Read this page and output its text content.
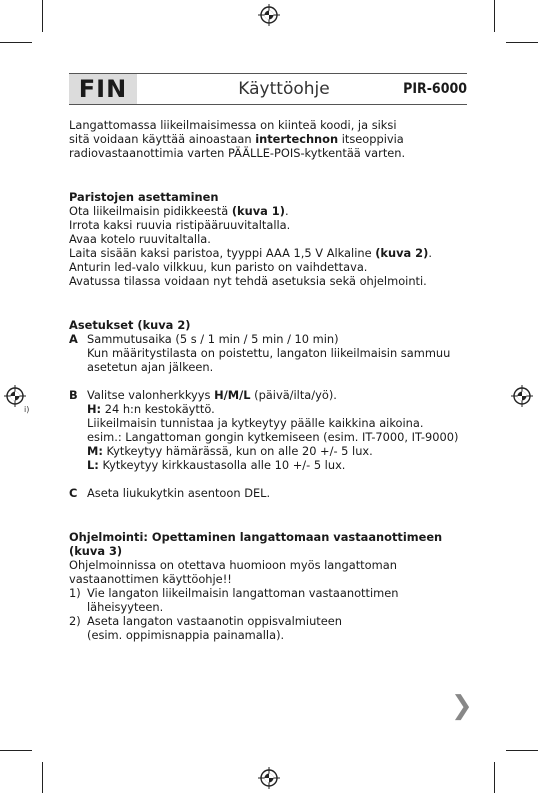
i)
FIN	Käyttöohje	PIR-6000

Langattomassa liikeilmaisimessa on kiinteä koodi, ja siksi

sitä voidaan käyttää ainoastaan intertechnon itseoppivia

radiovastaanottimia varten PÄÄLLE-POIS-kytkentää varten.

Paristojen asettaminen

Ota liikeilmaisin pidikkeestä (kuva 1).

Irrota kaksi ruuvia ristipääruuvitaltalla.

Avaa kotelo ruuvitaltalla.

Laita sisään kaksi paristoa, tyyppi AAA 1,5 V Alkaline (kuva 2).

Anturin led-valo vilkkuu, kun paristo on vaihdettava.

Avatussa tilassa voidaan nyt tehdä asetuksia sekä ohjelmointi.

Asetukset (kuva 2)

A Sammutusaika (5 s / 1 min / 5 min / 10 min)

Kun määritystilasta on poistettu, langaton liikeilmaisin sammuu

asetetun ajan jälkeen.

B Valitse valonherkkyys H/M/L (päivä/ilta/yö).

H: 24 h:n kestokäyttö.

Liikeilmaisin tunnistaa ja kytkeytyy päälle kaikkina aikoina.

esim.: Langattoman gongin kytkemiseen (esim. IT-7000, IT-9000)

M: Kytkeytyy hämärässä, kun on alle 20 +/- 5 lux.

L: Kytkeytyy kirkkaustasolla alle 10 +/- 5 lux.

C Aseta liukukytkin asentoon DEL.

Ohjelmointi: Opettaminen langattomaan vastaanottimeen

(kuva 3)

Ohjelmoinnissa on otettava huomioon myös langattoman

vastaanottimen käyttöohje!!

1) Vie langaton liikeilmaisin langattoman vastaanottimen

läheisyyteen.

2) Aseta langaton vastaanotin oppisvalmiuteen

(esim. oppimisnappia painamalla).

❯
